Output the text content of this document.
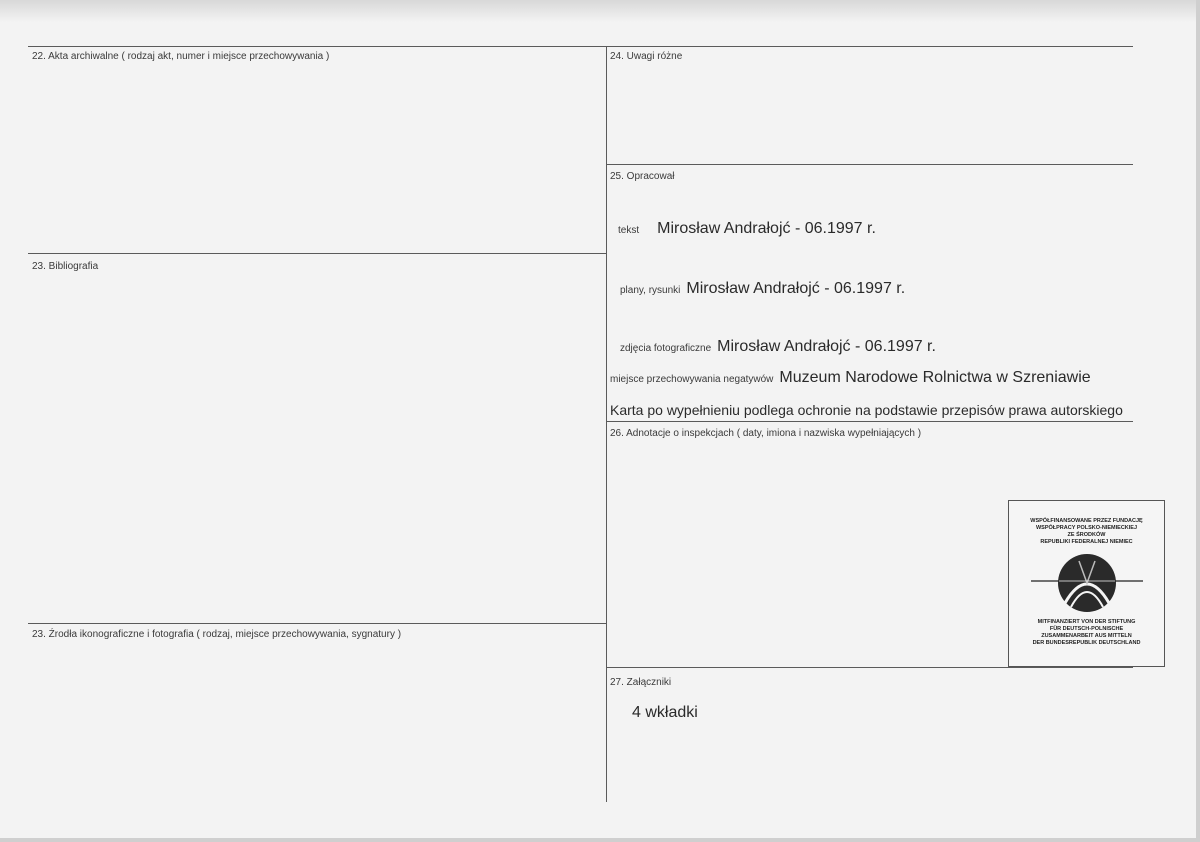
22. Akta archiwalne ( rodzaj akt, numer i miejsce przechowywania )
23. Bibliografia
23. Źrodła ikonograficzne i fotografia ( rodzaj, miejsce przechowywania, sygnatury )
24. Uwagi różne
25. Opracował
26. Adnotacje o inspekcjach ( daty, imiona i nazwiska wypełniających )
27. Załączniki
tekst Mirosław Andrałojć - 06.1997 r.
plany, rysunki Mirosław Andrałojć - 06.1997 r.
zdjęcia fotograficzne Mirosław Andrałojć - 06.1997 r.
miejsce przechowywania negatywów Muzeum Narodowe Rolnictwa w Szreniawie
Karta po wypełnieniu podlega ochronie na podstawie przepisów prawa autorskiego
4 wkładki
WSPÓŁFINANSOWANE PRZEZ FUNDACJĘ
WSPÓŁPRACY POLSKO-NIEMIECKIEJ
ZE ŚRODKÓW
REPUBLIKI FEDERALNEJ NIEMIEC
MITFINANZIERT VON DER STIFTUNG
FÜR DEUTSCH-POLNISCHE
ZUSAMMENARBEIT AUS MITTELN
DER BUNDESREPUBLIK DEUTSCHLAND
